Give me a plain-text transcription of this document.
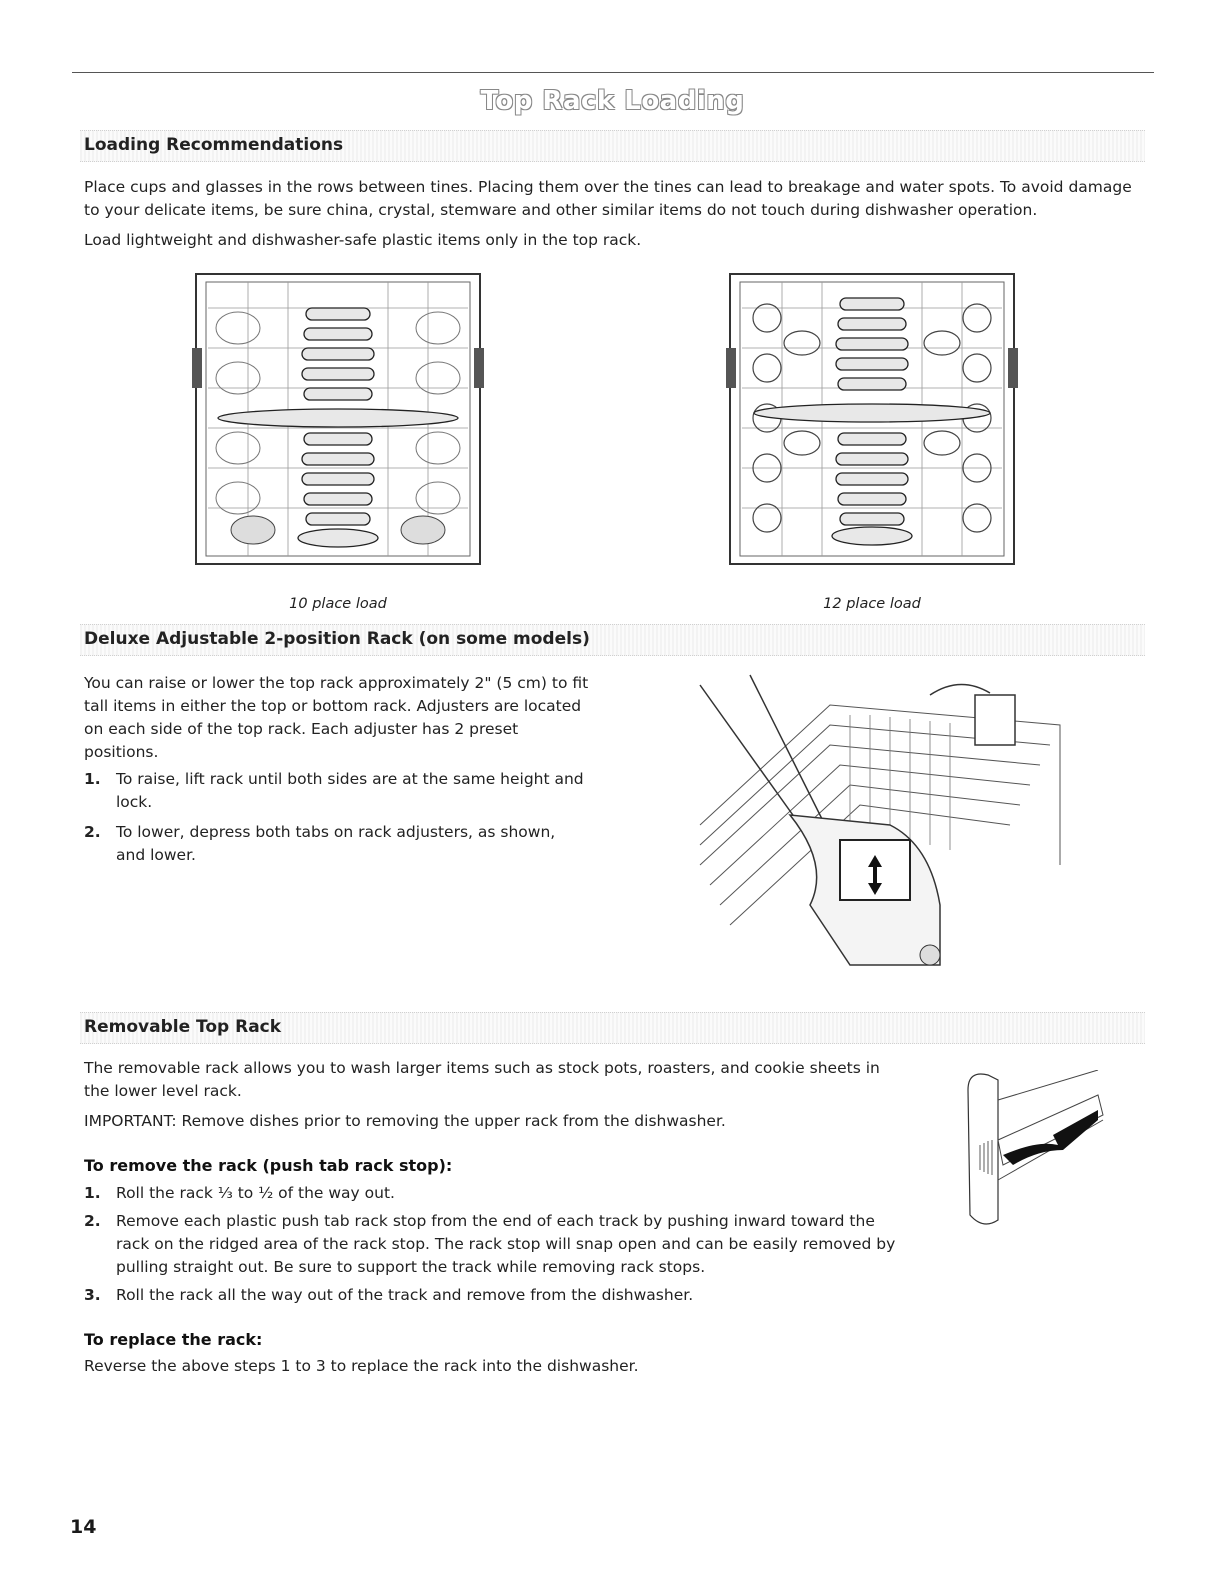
Top Rack Loading
Loading Recommendations

Place cups and glasses in the rows between tines. Placing them over the tines can lead to breakage and water spots. To avoid damage to your delicate items, be sure china, crystal, stemware and other similar items do not touch during dishwasher operation.

Load lightweight and dishwasher-safe plastic items only in the top rack.

10 place load	12 place load
Deluxe Adjustable 2-position Rack (on some models)

You can raise or lower the top rack approximately 2" (5 cm) to fit tall items in either the top or bottom rack. Adjusters are located on each side of the top rack. Each adjuster has 2 preset positions.

1. To raise, lift rack until both sides are at the same height and lock.
2. To lower, depress both tabs on rack adjusters, as shown, and lower.
Removable Top Rack

The removable rack allows you to wash larger items such as stock pots, roasters, and cookie sheets in the lower level rack.

IMPORTANT: Remove dishes prior to removing the upper rack from the dishwasher.

To remove the rack (push tab rack stop):
1. Roll the rack ⅓ to ½ of the way out.
2. Remove each plastic push tab rack stop from the end of each track by pushing inward toward the rack on the ridged area of the rack stop. The rack stop will snap open and can be easily removed by pulling straight out. Be sure to support the track while removing rack stops.
3. Roll the rack all the way out of the track and remove from the dishwasher.
To replace the rack:

Reverse the above steps 1 to 3 to replace the rack into the dishwasher.

14
